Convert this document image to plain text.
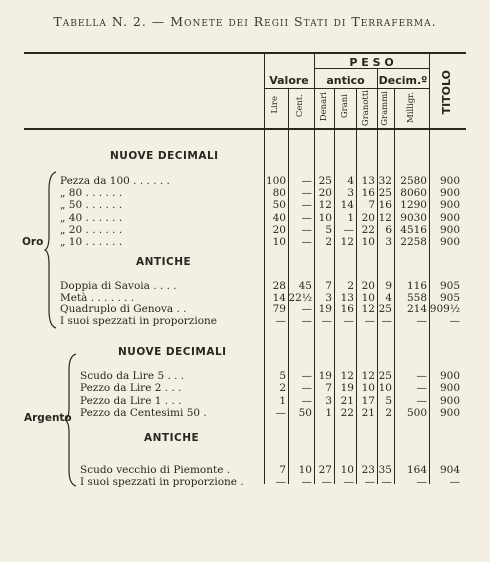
Tabella N. 2. — Monete dei Regii Stati di Terraferma.
Valore
P E S O
antico	Decim.º TITOLO
Lire Cent. Denari Grani Granotti Grammi Milligr.
NUOVE DECIMALI
ANTICHE
NUOVE DECIMALI
ANTICHE
Oro
Argento
Pezza da 100 . . . . . .	100 — 25 4 13 32 2580 900
„ 80 . . . . . .	80 — 20 3 16 25 8060 900
„ 50 . . . . . .	50 — 12 14 7 16 1290 900
„ 40 . . . . . .	40 — 10 1 20 12 9030 900
„ 20 . . . . . .	20 — 5 — 22 6 4516 900
„ 10 . . . . . .	10 — 2 12 10 3 2258 900
Doppia di Savoia . . . .	28 45 7 2 20 9 116 905
Metà . . . . . . .	14 22½ 3 13 10 4 558 905
Quadruplo di Genova . .	79 — 19 16 12 25 214 909½
I suoi spezzati in proporzione	— — — — — — — —
Scudo da Lire 5 . . .	5 — 19 12 12 25 — 900
Pezzo da Lire 2 . . .	2 — 7 19 10 10 — 900
Pezzo da Lire 1 . . .	1 — 3 21 17 5 — 900
Pezzo da Centesimi 50 .	— 50 1 22 21 2 500 900
Scudo vecchio di Piemonte .	7 10 27 10 23 35 164 904
I suoi spezzati in proporzione .	— — — — — — — —
